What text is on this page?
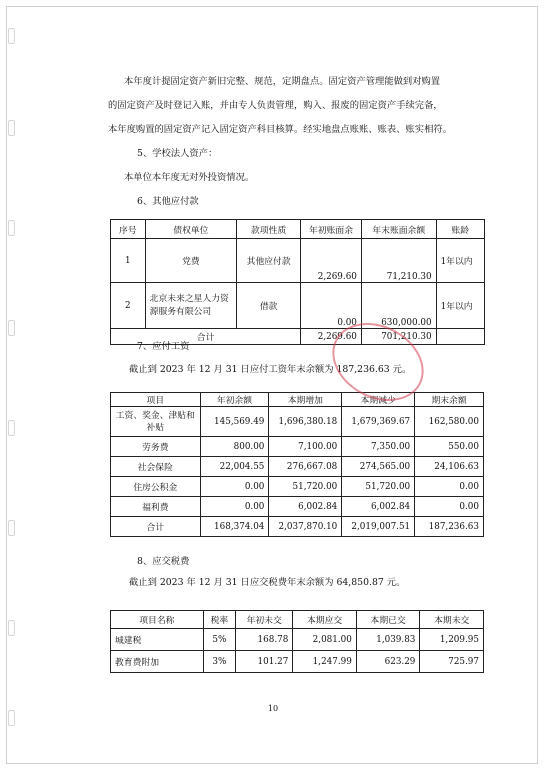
本年度计提固定资产新旧完整、规范，定期盘点。固定资产管理能做到对购置

的固定资产及时登记入账，并由专人负责管理，购入、报废的固定资产手续完备，

本年度购置的固定资产记入固定资产科目核算。经实地盘点账账、账表、账实相符。

5、学校法人资产：

本单位本年度无对外投资情况。

6、其他应付款

序号	债权单位	款项性质	年初账面余	年末账面余额	账龄
1	党费	其他应付款	2,269.60	71,210.30	1年以内
2	北京未来之星人力资源服务有限公司	借款	0.00	630,000.00	1年以内
合计			2,269.60	701,210.30	

7、应付工资

截止到 2023 年 12 月 31 日应付工资年末余额为 187,236.63 元。

项目	年初余额	本期增加	本期减少	期末余额
工资、奖金、津贴和补贴	145,569.49	1,696,380.18	1,679,369.67	162,580.00
劳务费	800.00	7,100.00	7,350.00	550.00
社会保险	22,004.55	276,667.08	274,565.00	24,106.63
住房公积金	0.00	51,720.00	51,720.00	0.00
福利费	0.00	6,002.84	6,002.84	0.00
合计	168,374.04	2,037,870.10	2,019,007.51	187,236.63

8、应交税费

截止到 2023 年 12 月 31 日应交税费年末余额为 64,850.87 元。

项目名称	税率	年初未交	本期应交	本期已交	本期未交
城建税	5%	168.78	2,081.00	1,039.83	1,209.95
教育费附加	3%	101.27	1,247.99	623.29	725.97
10
